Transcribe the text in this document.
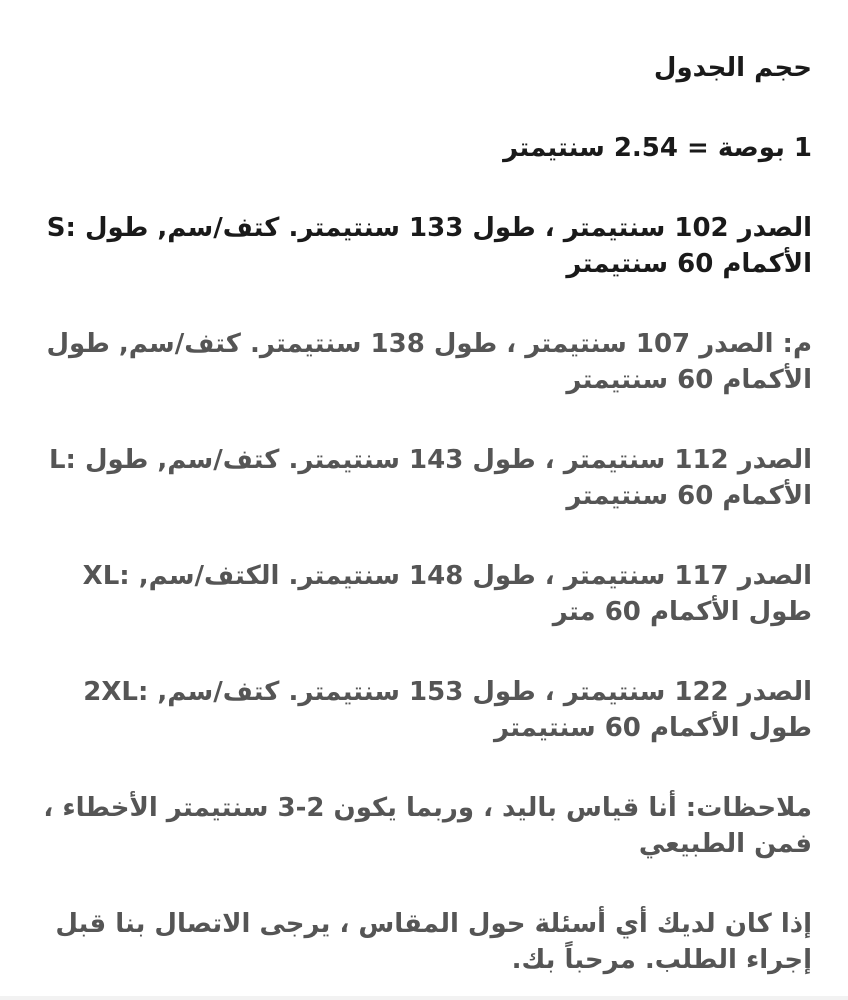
حجم الجدول

1 بوصة = 2.54 سنتيمتر

S: الصدر 102 سنتيمتر ، طول 133 سنتيمتر. كتف/سم, طول الأكمام 60 سنتيمتر

م: الصدر 107 سنتيمتر ، طول 138 سنتيمتر. كتف/سم, طول الأكمام 60 سنتيمتر

L: الصدر 112 سنتيمتر ، طول 143 سنتيمتر. كتف/سم, طول الأكمام 60 سنتيمتر

XL: الصدر 117 سنتيمتر ، طول 148 سنتيمتر. الكتف/سم, طول الأكمام 60 متر

2XL: الصدر 122 سنتيمتر ، طول 153 سنتيمتر. كتف/سم, طول الأكمام 60 سنتيمتر

ملاحظات: أنا قياس باليد ، وربما يكون 2-3 سنتيمتر الأخطاء ، فمن الطبيعي

إذا كان لديك أي أسئلة حول المقاس ، يرجى الاتصال بنا قبل إجراء الطلب. مرحباً بك.
